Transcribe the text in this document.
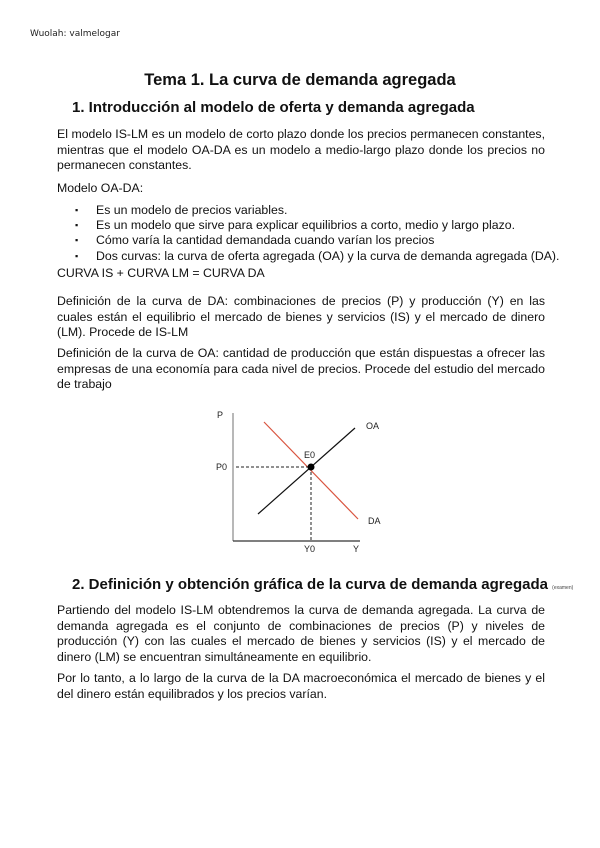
Wuolah: valmelogar
Tema 1. La curva de demanda agregada
1. Introducción al modelo de oferta y demanda agregada
El modelo IS-LM es un modelo de corto plazo donde los precios permanecen constantes, mientras que el modelo OA-DA es un modelo a medio-largo plazo donde los precios no permanecen constantes.
Modelo OA-DA:
▪ Es un modelo de precios variables.
▪ Es un modelo que sirve para explicar equilibrios a corto, medio y largo plazo.
▪ Cómo varía la cantidad demandada cuando varían los precios
▪ Dos curvas: la curva de oferta agregada (OA) y la curva de demanda agregada (DA).
CURVA IS + CURVA LM = CURVA DA
Definición de la curva de DA: combinaciones de precios (P) y producción (Y) en las cuales están el equilibrio el mercado de bienes y servicios (IS) y el mercado de dinero (LM). Procede de IS-LM
Definición de la curva de OA: cantidad de producción que están dispuestas a ofrecer las empresas de una economía para cada nivel de precios. Procede del estudio del mercado de trabajo
P
Y
OA
DA
E0
P0
Y0
2. Definición y obtención gráfica de la curva de demanda agregada (examen)
Partiendo del modelo IS-LM obtendremos la curva de demanda agregada. La curva de demanda agregada es el conjunto de combinaciones de precios (P) y niveles de producción (Y) con las cuales el mercado de bienes y servicios (IS) y el mercado de dinero (LM) se encuentran simultáneamente en equilibrio.
Por lo tanto, a lo largo de la curva de la DA macroeconómica el mercado de bienes y el del dinero están equilibrados y los precios varían.
